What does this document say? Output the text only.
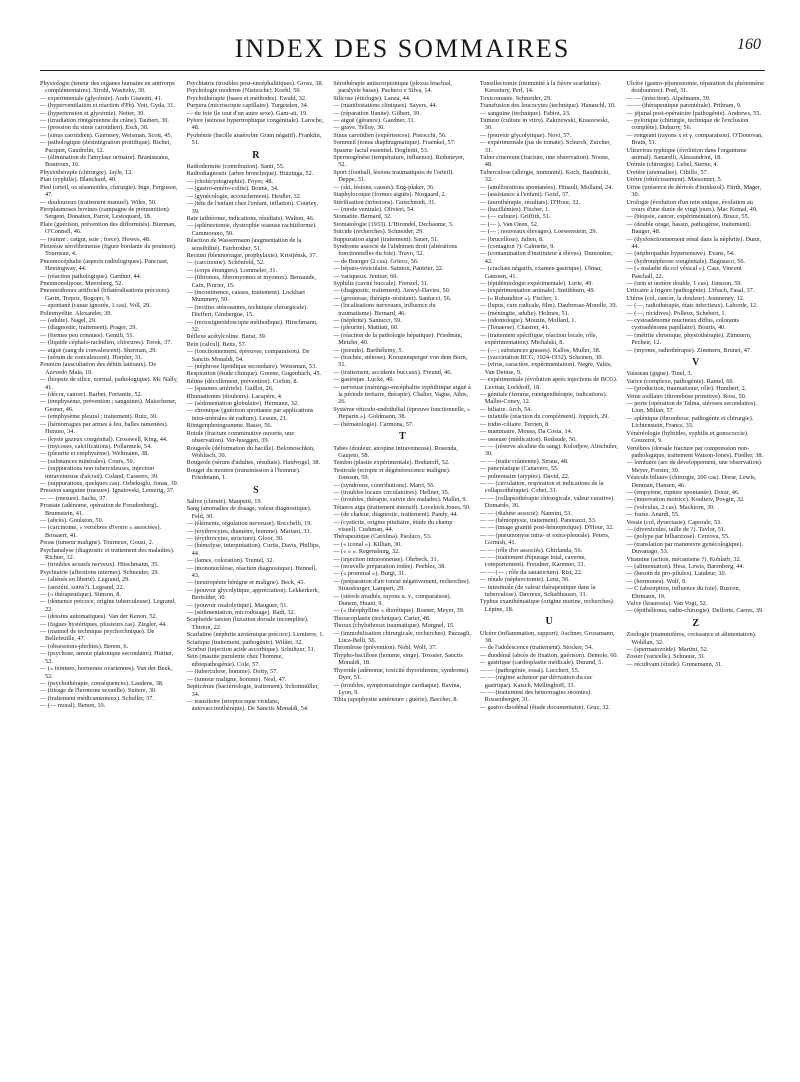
INDEX DES SOMMAIRES	160

Physiologie (teneur des organes humains en antirorps complémentaires). Strohl, Wasitzky, 30.

— expérimentale (glycémie). Audo Gianotti, 41.

— (hyperventilation et réaction d'Ph). Voit, Gyda, 31.

— (hypertension et glycémie). Netter, 30.

— (irradiation röntgénienne du crâne). Taubert, 30.

— (pression du sinus carotidien). Esch, 30.

— (sinus carotidien). Guernsey, Weisman, Scott, 45.

— pathologique (désintégration protidique). Richet, Pacquet, Gaudrelin, 12.

— (élimination de l'amylase urinaire). Branisteanu, Boutroux, 16.

Physiothérapie (chirurgie). Jayle, 12.

Pian (syphilis). Blanchard, 40.

Pied (orteil, os sésamoïdes, chirurgie). Inge, Ferguson, 47.

— douloureux (traitement manuel). Wiles, 50.

Piroplasmoses bovines (campagne de prémunition). Sergent, Donatien, Parrot, Lestoquard, 18.

Plaie (guérison, prévention des difformités). Bierman, O'Connell, 46.

— (suture : catgut, soie ; force). Howes, 48.

Pleurésie sérofibrineuse (figure bordante du poumon). Tourneau, 4.

Pneumocéphalie (aspects radiologiques). Pancoast, Hemingway, 44.

— (réaction pathologique). Gardner, 44.

Pneumonolipose. Meersberg, 52.

Pneumothorax artificiel (bilatéralisations précoces). Garin, Trepoz, Bogopo, 9.

— spontané (cause ignorée, 1 cas). Voll, 29.

Poliomyélite. Alexander, 39.

— (adulte). Nagel, 29.

— (diagnostic, traitement). Prager, 29.

— (formes peu connues). Gentili, 51.

— (liquide céphalo-rachidien, chlorures). Torok, 37.

— aiguë (sang de convalescent). Sherman, 29.

— (sérum de convalescent). Horpler, 31.

Poumon (auscultation des débits latéraux). De Azevedo Maia, 10.

— (biopsie de silice, normal, pathologique). Mc Nally, 41.

— (décor, cancer). Barbet, Fortamie, 52.

— (emphysème, prévention ; sanguines). Maiochener, Gesner, 46.

— (emphysème pleural ; traitement). Rutz, 30.

— (hémorragies par armes à feu, balles ramenées). Hurano, 34.

— (kyste gazeux congénital). Crosswell, King, 44.

— (mycoses, calcifications). Pollarmele, 54.

— (pleurite et emphysème). Weltmann, 38.

— (substances minérales). Cours, 50.

— (suppurations non tuberculeuses, injection intraveineuse d'alcool). Coland, Casserrs, 39.

— (suppurations, quelques cas). Ozbekoglu, Jonas, 39.

Pression sanguine (mesure). Ignatovski, Lemerig, 37.

— — (mesure). Sachs, 37.

Prostate (adénome, opération de Freudenberg). Brunnstein, 41.

— (abcès). Goulston, 50.

— (carcinome, « vertèbres d'ivoire » associées). Bossaert, 41.

Psoas (tumeur maligne). Tourneux, Gouzi, 2.

Psychanalyse (diagnostic et traitement des maladies). Richter, 32.

— (troubles sexuels nerveux). Hitschmann, 35.

Psychiatrie (affections internes). Schneider, 29.

— (aliénés en liberté). Legrand, 29.

— (anxiété, soins?). Legrand, 22.

— (« thérapeutique). Simson, 8.

— (démence précoce, origine tuberculeuse). Legrand, 22.

— (dessins automatiques). Van der Kenon, 52.

— (fugues hystériques, plusieurs cas). Ziegler, 44.

— (manuel de technique psychoclinique). De Bellefeuille, 47.

— (obsessions-phobies). Benon, 6.

— (psychose, amour platonique secondaire). Huttier, 52.

— (« femmes, hormones ovariennes). Van der Beek, 52.

— (psychothérapie, conséquences). Laudens, 38.

— (titrage de l'hormone sexuelle). Suttere, 30.

— (traitement médicamenteux). Schuller, 37.

— (— moral). Benon, 10.

Psychiatrie (troubles post-encéphalitiques). Grosz, 38.

Psychologie moderne (Nietzsche). Koehl, 50.

Psychothérapie (bases et méthodes). Ewald, 32.

Purpura (microscopie capillaire). Turgesden, 34.

— du foie (le tout d'un autre sexe). Gam-ait, 19.

Pylore (sténose hypertrophique congénitale). Laroche, 48.

Pyohémie (bacille anaérobie Gram négatif). Franklin, 51.

R

Radiodermite (contribution). Santi, 55.

Radiodiagnostic (arbre bronchique). Huizinga, 52.

— (cholécystographie). Foyer, 48.

— (gastro-entéro-colite). Bonne, 34.

— (gynécologie, accouchement). Heidler, 32.

— (tête de l'enfant chez l'enfant, inflation). Courtey, 39.

Rate (athérome, indications, résultats). Walton, 46.

— (splénectomie, dystrophie osseuse rachitiforme). Cammorano, 50.

Réaction de Wassermann (augmentation de la sensibilité). Fairbrother, 51.

Rectum (blennorragie, prophylaxie). Kristjénsk, 37.

— (carcinome). Schönfeld, 52.

— (corps étrangers). Lommeler, 31.

— (fibromes, fibromyomes et myomes). Bensaude, Cain, Poirier, 15.

— (incontinence, causes, traitement). Lockhart Mummery, 50.

— (rectites sténosantes, technique chirurgicale). Dieffert, Gimbergue, 15.

— (rectosigmoïdoscopie méthodique). Hirschmann, 32.

Réflexe acétylcoline. Burat, 39.

Rein (calcul). Betts, 57.

— (fonctionnement, épreuves, comparaison). De Sanctis Monaldi, 54.

— (néphrose lipoïdique secondaire). Weissman, 53.

Respiration (étude clinique). Greene, Gugenbach, 45.

Rétine (décollement, prévention). Corbin, 8.

— (spasmes artériels). Guillot, 26.

Rhumatismes (douleurs). Lacapère, 4.

— (sédimentation globulaire). Hermann, 32.

— chronique (guérison spontanée par applications intra-urétrales de radium). Lessen, 21.

Röntgenphotogramme. Basso, 56.

Rotule (fracture comminutive ouverte, une observation). Ver-hoeggen, 39.

Rougeole (déformation du bacille). Belomoschkin, Wohlisch, 30.

Rougeole (sérum d'adultes, résultats). Haidvogel, 38.

Rouget du mouton (transmission à l'homme). Friedmann, 1.

S

Salive (chimie). Maupetit, 19.

Sang (anomalies de dosage, valeur diagnostique). Feld, 30.

— (éléments, régulation nerveuse). Rocchelli, 19.

— (érythrocytes, diamètre, homme). Mariani, 33.

— (érythrocytes, structure). Gloor, 30.

— (hémolyse, interprétation). Curtis, Davis, Phillips, 44.

— (lames, coloration). Tremel, 32.

— (mononucléose, réaction diagnostique). Hennell, 43.

— (neutropénie bénigne et maligne). Beck, 43.

— (pouvoir glycolytique, appréciation). Lekkerkerk, Bertolder, 30.

— (pouvoir oxalolytique). Mauguer, 51.

— (sédimentation, microdosage). Radt, 32.

Scaphoïde tarsien (luxation dorsale incomplète). Thirion, 22.

Scarlatine (néphrite azotémique précoce). Lemierre, 1.

Sciatique (traitement, pathogénie). Wilder, 32.

Scorbut (injection acide ascorbique). Schultzer, 51.

Sein (mastite purulente chez l'homme, ethiopathogénie). Cole, 57.

— (tuberculose, homme). Dotty, 57.

— (tumeur maligne, homme). Neal, 47.

Septicémie (bactériologie, traitement). Schottmüller, 34.

— transitoire (streptocoque viridans, autovaccinothérapie). De Sanctis Monaldi, 54.

Sérothérapie antiscorpionique (plexus brachial, paralysie basse). Pacheco e Silva, 14.

Silicose (étiologie). Lanza, 44.

— (manifestations cliniques). Sayers, 44.

— (réparation Ifanite). Gilbert, 39.

— aiguë (gérance). Gaedner, 31.

— grave. Telluy, 30.

Sinus carotidien (expériences). Pistocchi, 56.

Sommeil (tonus diaphragmatique). Fraenkel, 57.

Spasme facial essentiel. Dogliotti, 53.

Spermogénèse (température, influence). Rethmeyer, 52.

Sport (football, lésions traumatiques de l'orteil). Deppe, 31.

— (ski, lésions, causes). Eng-plaker, 36.

Staphylocoque (formes aiguës). Norgaard, 2.

Stérilisation (infusions). Gutschmidt, 31.

— (mode ventrale). Olivieri, 54.

Stomatite. Bernard, 32.

Stomatologie (1933). L'Hirondel, Dechaume, 5.

Suicide (recherches). Schneider, 29.

Suppuration aiguë (traitement). Sauer, 51.

Syndrome associé de l'abdomen droit (altérations fonctionnelles du foie). Travo, 52.

— de Buerger (2 cas). Grieco, 56.

— hépato-vésiculaire. Saintou, Pantrier, 22.

— variqueux. Jentzer, 60.

Syphilis (cavité buccale). Frenzel, 31.

— (diagnostic, traitement). Anwyl-Davies, 50.

— (grossesse, thérapie-résistant). Santucci, 56.

— (localisations nerveuses, influence du traumatisme). Bernard, 46.

— (néphrite). Santucci, 59.

— (pleurite). Mattiati, 60.

— (réaction de la pathologie hépatique). Friedman, Metzler, 40.

— (pseudo). Barthélemy, 5.

— (trachée, sténose). Kreuzensperger von dem Born, 51.

— (traitement, accidents buccaux). Freund, 46.

— gastrique. Lucke, 40.

— nerveuse (méningo-encéphalite syphilitique aiguë à la période tertiaire, thérapie). Chalier, Vague, Athis, 26.

Système réticulo-endothélial (épreuve fonctionnelle, « Heparin »). Goldmann, 38.

— (hématologie). Carmona, 57.

T

Tabes (douleur, atropine intraveineuse). Rosenda, Gaujeto, 58.

Tendon (plastie expérimentale). Bodunoff, 52.

Testicule (ectopie et dégénérescence maligne). Jonsson, 59.

— (syndrome, contributions). Marri, 56.

— (troubles locaux circulatoires). Hellner, 35.

— (troubles, thérapie, survie des malades). Mallet, 9.

Tétanos aigu (traitement intensif). Lovelock Jones, 50.

— (de chaleur, diagnostic, traitement). Pandy, 44.

— (cysticite, origine pituitaire, étude du champ visuel). Cushman, 44.

Thérapeutique (Carolina). Paoluco, 53.

— (« iconal »). Killian, 30.

— (« » ». Regensburg, 32.

— (injection intraveineuse). Ohrbeck, 31.

— (nouvelle préparation iodée). Peebles, 38.

— (« prominal »). Burgi, 31.

— (préparation d'air ionisé négativement, recherches). Strassburger, Lampert, 29.

— (stérols irradiés, rayons u. v., comparaison). Dunem, Huant, 9.

— (« théophylline « diurétique). Rosner, Meyer, 39.

Thoracoplastie (technique). Carter, 48.

Thorax (chylothorax traumatique). Morgnel, 15.

— (immobilisation chirurgicale, recherches). Pazzagli, Luca-Belli, 56.

Thrombose (prévention). Nobl, Wolf, 37.

Thypho-bacillose (homme, singe). Trossier, Sanctis Monaldi, 18.

Thyroïde (adénome, toxicité thyroïdienne, syndrome). Dyer, 51.

— (troubles, symptomatologie cardiaque). Ravina, Lyon, 9.

Tibia (apophysite antérieure ; guérie). Baccher, 8.

Tonsillectomie (immunité à la fièvre scarlatine). Kerestury, Perl, 14.

Toxicomanie. Schneider, 29.

Transfusion des leucocytes (technique). Hanaschl, 10.

— sanguine (technique). Fabiot, 23.

Tumeur (culture in vitro). Zakrzewski, Kraszewski, 30.

— (pouvoir glycolytique). Novi, 57.

— expérimentale (jus de tomate). Schurch, Zurcher, 31.

Tuber cinereum (fracture, une observation). Noone, 48.

Tuberculose (allergie, immunité). Koch, Baudnicki, 32.

— (améliorations spontanées). Hinault, Molland, 24.

— (assistance à l'enfant). Gotzl, 37.

— (aurothérapie, résultats). D'Hour, 32.

— (bacillémies). Fischer, 1.

— (— culture). Griffith, 51.

— (— ). Van Oeen, 52.

— (— ; nouveaux élevages). Loewenstein, 29.

— (brucellose). Julien, 8.

— (contagion ?). Calmette, 9.

— (contamination d'instituteur à élèves). Dumontier, 42.

— (crachats négatifs, examen gastrique). Ulmar, Ganssen, 41.

— (épidémiologie expérimentale). Lurie, 49.

— (expérimentation animale). Smithburn, 49.

— (« Rubanditor »). Fischer, 1.

— (lupus, cure radicale, film). Daubresse-Morelle, 39.

— (méningite, adulte). Holmes, 51.

— (odontologie). Mouzin, Mollard, 1.

— (Tenaerse). Chastrer, 41.

— (traitement spécifique, réaction locale, rôle, expérimentation). Michalski, 8.

— (— ; substances grasses). Kallos, Muller, 38.

— (vaccination BCG, 1924-1932). Scheinen, 30.

— (virus, caractère, expérimentation). Negre, Valtis, Van Deinse, 9.

— expérimentale (évolution après injections de BCG). Levitan, Lorkhoff, 18.

— génitale (femme, rœntgenthérapie, indications). Mallet-Coney, 12.

— biliaire. Arch, 54.

— infantile (réaction du complément). Joppich, 29.

— iridio-ciliaire. Terrien, 8.

— mammaire. Mousa, Da Costa, 14.

— osseuse (médication). Redaude, 56.

— — (réserve alcaline du sang). Kolodjew, Altschuler, 30.

— — (traite crânienne). Straus, 48.

— pancréatique (Canavero, 55.

— pulmonaire (atypies). David, 22.

— — (circulation, respiration et indications de la collapsothérapie). Cobet, 31.

— — (collapsothérapie chirurgicale, valeur curative). Domardo, 36.

— — (diabète associé). Nannini, 53.

— — (hémoptysie, traitement). Panorazzi, 53.

— — (image granité post-hémoptoïque). D'Hour, 32.

— — (pneumonyse intra- et extra-pleurale). Peters, Gornish, 41.

— — (rôle d'or associés). Ghirlanda, 56.

— — (traitement d'épurage total, caverne, comportement). Freudner, Karnmer, 31.

— — (— ; rôle du sanatorium). Rist, 22.

— rénale (néphrectomie). Lenz, 56.

— intestinale (de valeur thérapeutique dans la tuberculose). Davreux, Schafthauser, 31.

Typhus exanthématique (origine murine, recherches). Lépine, 18.

U

Ulcère (inflammation, rapport). Aschner, Grossmann, 38.

— de l'adolescence (traitement). Stocker, 54.

— duodénal (abcès de fixation, guérison). Demole, 60.

— gastrique (cardioplastie médicale). Durand, 5.

— — (pathogénie, essai). Luccheri, 55.

— — (régime acheteur par dérivation du suc gastrique). Katsch, Mellinghoff, 33.

— — (traitement des hémorragies récentes). Rossenberger, 31.

— gastro-duodénal (étude documentaire). Gruz, 32.

Ulcère (gastro-jéjunostomie, réparation du phénomène douloureux). Ponl, 31.

— — (infection). Alpelmann, 39.

— — (thérapeutique parentérale). Pribram, 9.

— jéjunal post-opératoire (pathogénie). Andrews, 55.

— pylorique (chirurgie, technique de l'exclusion complète). Dubarry, 56.

— rongeant (rayons x et γ, comparaison). O'Donovan, Brain, 51.

Ultravirus typhique (évolution dans l'organisme animal). Sanarelli, Alessandrini, 18.

Urémie (chirurgie). Lebel, Sterne, 4.

Uretère (anomalies). Cibillo, 57.

Urètre (rétrécissement). Maisonnet, 5.

Urine (présence de dérivés d'imidazol). Fürth, Mager, 30.

Urologie (évolution d'un rein unique, évolution au cours d'une durée de vingt jours). Mac Kemal, 49.

— (biopsie, cancer, expérimentation). Bruce, 55.

— (double orage, bassin, pathogénie, traitement). Bauger, 48.

— (dysfonctionnement rénal dans la néphrite). Dunn, 44.

— (néphropathie hypertensive). Evans, 54.

— (hydronéphrose congénitale). Bagnasco, 56.

— (« maladie du col vésical »). Cass, Vincent Paschall, 22.

— (rein et uretère double, 1 cas). Jonsson, 59.

Urticaire à frigore (pathogénie). Urbach, Fasal, 37.

Utérus (col, cancer, la douleur). Jeanneney, 12.

— (—, radiothérapie, états infectieux). Laborde, 12.

— (—, récidives). Polleux, Schebert, 1.

— cystoadénome mucineux diffus, colorants cystoadénome papillaire). Bouris, 40.

— (métrite chronique, physiothérapie). Zimmern, Pecheir, 12.

— (myome, radiothérapie). Zimmern, Brunet, 47.

V

Vaisseau (gigue). Tinel, 3.

Varice (complexe, pathogénie). Ramel, 60.

— (production, traumatisme, rôle). Humbert, 2.

Veine axillaire (thrombose primitive). Ross, 50.

— porte (opération de Talma, stéroses secondaires). Lion, Milian, 57.

— splénique (thrombose, pathogénie et chirurgie). Lichtenstein, Francs, 33.

Vénéréologie (hybrides, syphilis et gonococcie). Gouzerot, 9.

Vertèbres (dorsale fracture par compression non-pathologique, traitement Watson-Jones). Fiedler, 38.

— lombaire (arc de développement, une observation). Meyer, Forster, 30.

Vésicule biliaire (chirurgie, 200 cas). Dorar, Lewis, Denman, Hansen, 46.

— (empyème, rupture spontanée). Dorar, 46.

— (innervation motrice). Koulteiv, Povgin, 32.

— (volvulus, 2 cas). Machiorn, 39.

— fraise. Anardi, 55.

Vessie (col, dysectasie). Caporale, 53.

— (diverticules, taille de ?). Tavlor, 51.

— (polype par bilharziose). Cerzova, 55.

— (translation par manœuvre gynécologique). Duvanago, 53.

Vitamine (action, mécanisme ?). Kohlarb, 32.

— (alimentation). Hess, Lewis, Barenberg, 44.

— (besoin de pro-pilules). Laudeur, 30.

— (hormones). Wolf, 9.

— C (absorption, influence du foie). Ruscon, Ehrmann, 19.

Vulve (kraurosis). Van Vogt, 52.

— (épithélioma, radio-chirurgie). Delforte, Carres, 39.

Z

Zoologie (mammifères, croissance et alimentation). Wohllan, 32.

— (spermatozoïde). Martini, 52.

Zoster (varicelle). Schrausr, 31.

— récidivant (étude). Grunemann, 31.
